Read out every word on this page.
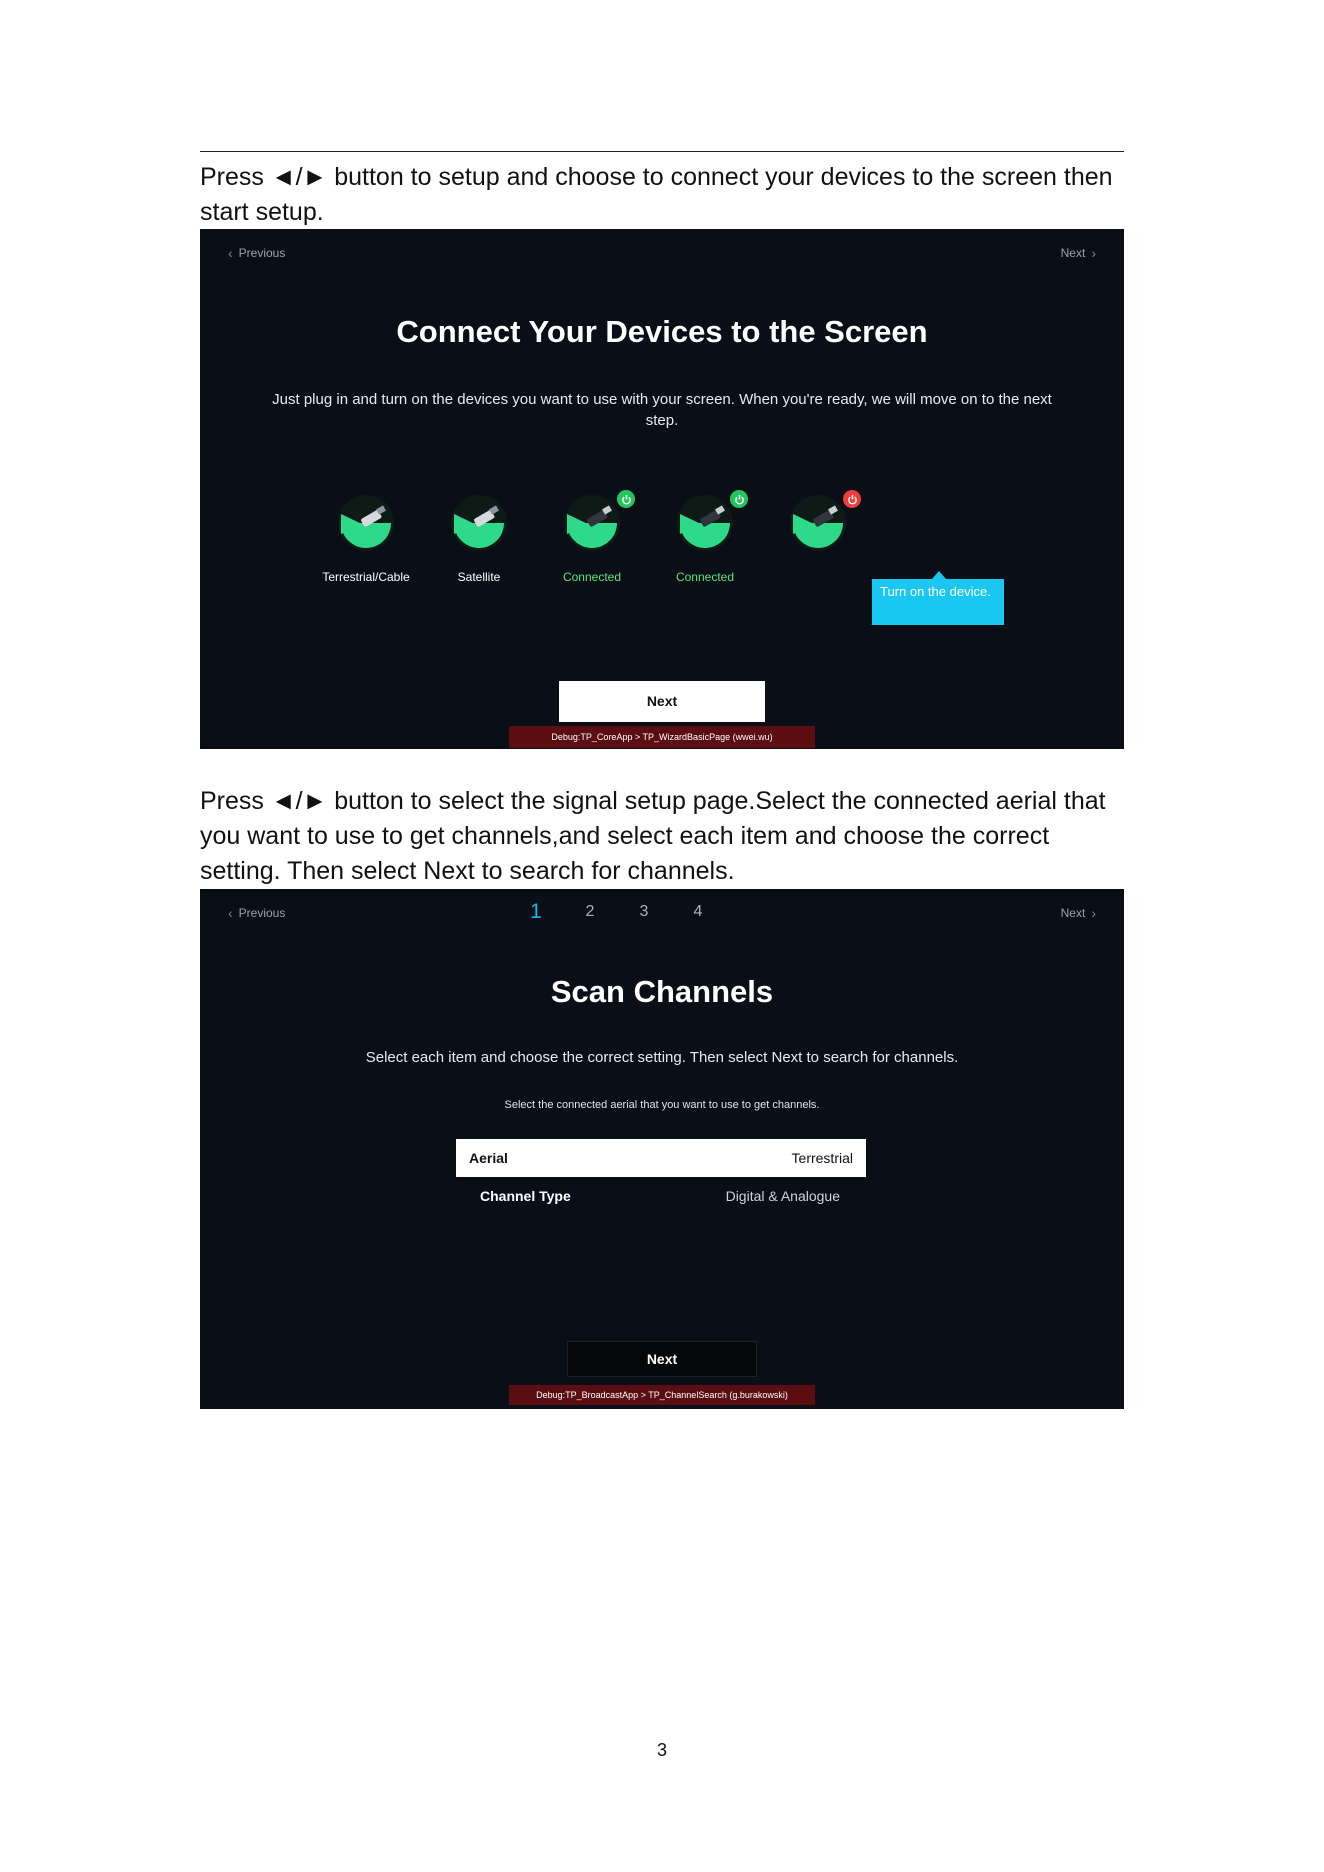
Press ◄/► button to setup and choose to connect your devices to the screen then start setup.

‹ Previous	Next ›
Connect Your Devices to the Screen
Just plug in and turn on the devices you want to use with your screen. When you're ready, we will move on to the next step.
Terrestrial/Cable	Satellite	Connected	Connected
Turn on the device.
Next
Debug:TP_CoreApp > TP_WizardBasicPage (wwei.wu)

Press ◄/► button to select the signal setup page.Select the connected aerial that you want to use to get channels,and select each item and choose the correct setting. Then select Next to search for channels.

‹ Previous	1	2	3	4	Next ›
Scan Channels
Select each item and choose the correct setting. Then select Next to search for channels.
Select the connected aerial that you want to use to get channels.
Aerial	Terrestrial
Channel Type	Digital & Analogue
Next
Debug:TP_BroadcastApp > TP_ChannelSearch (g.burakowski)
3
